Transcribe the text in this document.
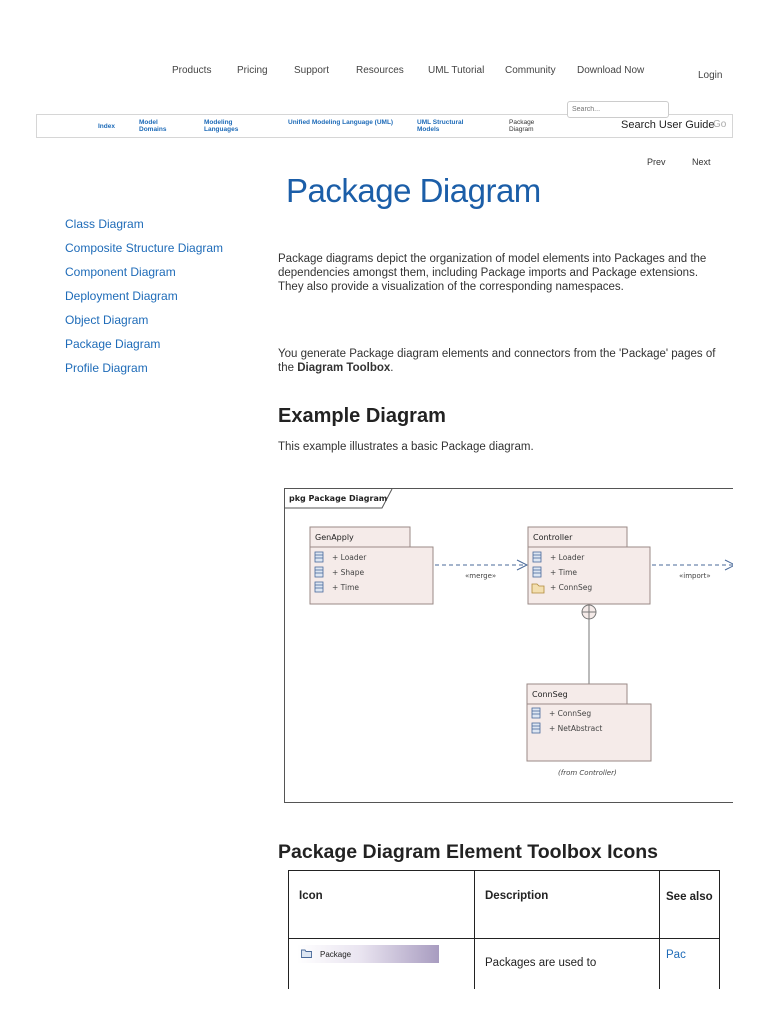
Products	Pricing	Support	Resources UML Tutorial Community Download Now	Login
Index
Model Domains
Modeling Languages
Unified Modeling Language (UML)	UML Structural Models
Package Diagram
Search...	Search User Guide
Go
Prev	Next
Package Diagram
Class Diagram
Composite Structure Diagram
Component Diagram
Deployment Diagram
Object Diagram
Package Diagram
Profile Diagram
Package diagrams depict the organization of model elements into Packages and the dependencies amongst them, including Package imports and Package extensions. They also provide a visualization of the corresponding namespaces.
You generate Package diagram elements and connectors from the 'Package' pages of the Diagram Toolbox.
Example Diagram
This example illustrates a basic Package diagram.
pkg Package Diagram
GenApply
+ Loader
+ Shape
+ Time
«merge»
Controller
+ Loader
+ Time
+ ConnSeg
«import»
ConnSeg
+ ConnSeg
+ NetAbstract
(from Controller)
Package Diagram Element Toolbox Icons
Icon	Description	See also

Package	Packages are used to	Pac
